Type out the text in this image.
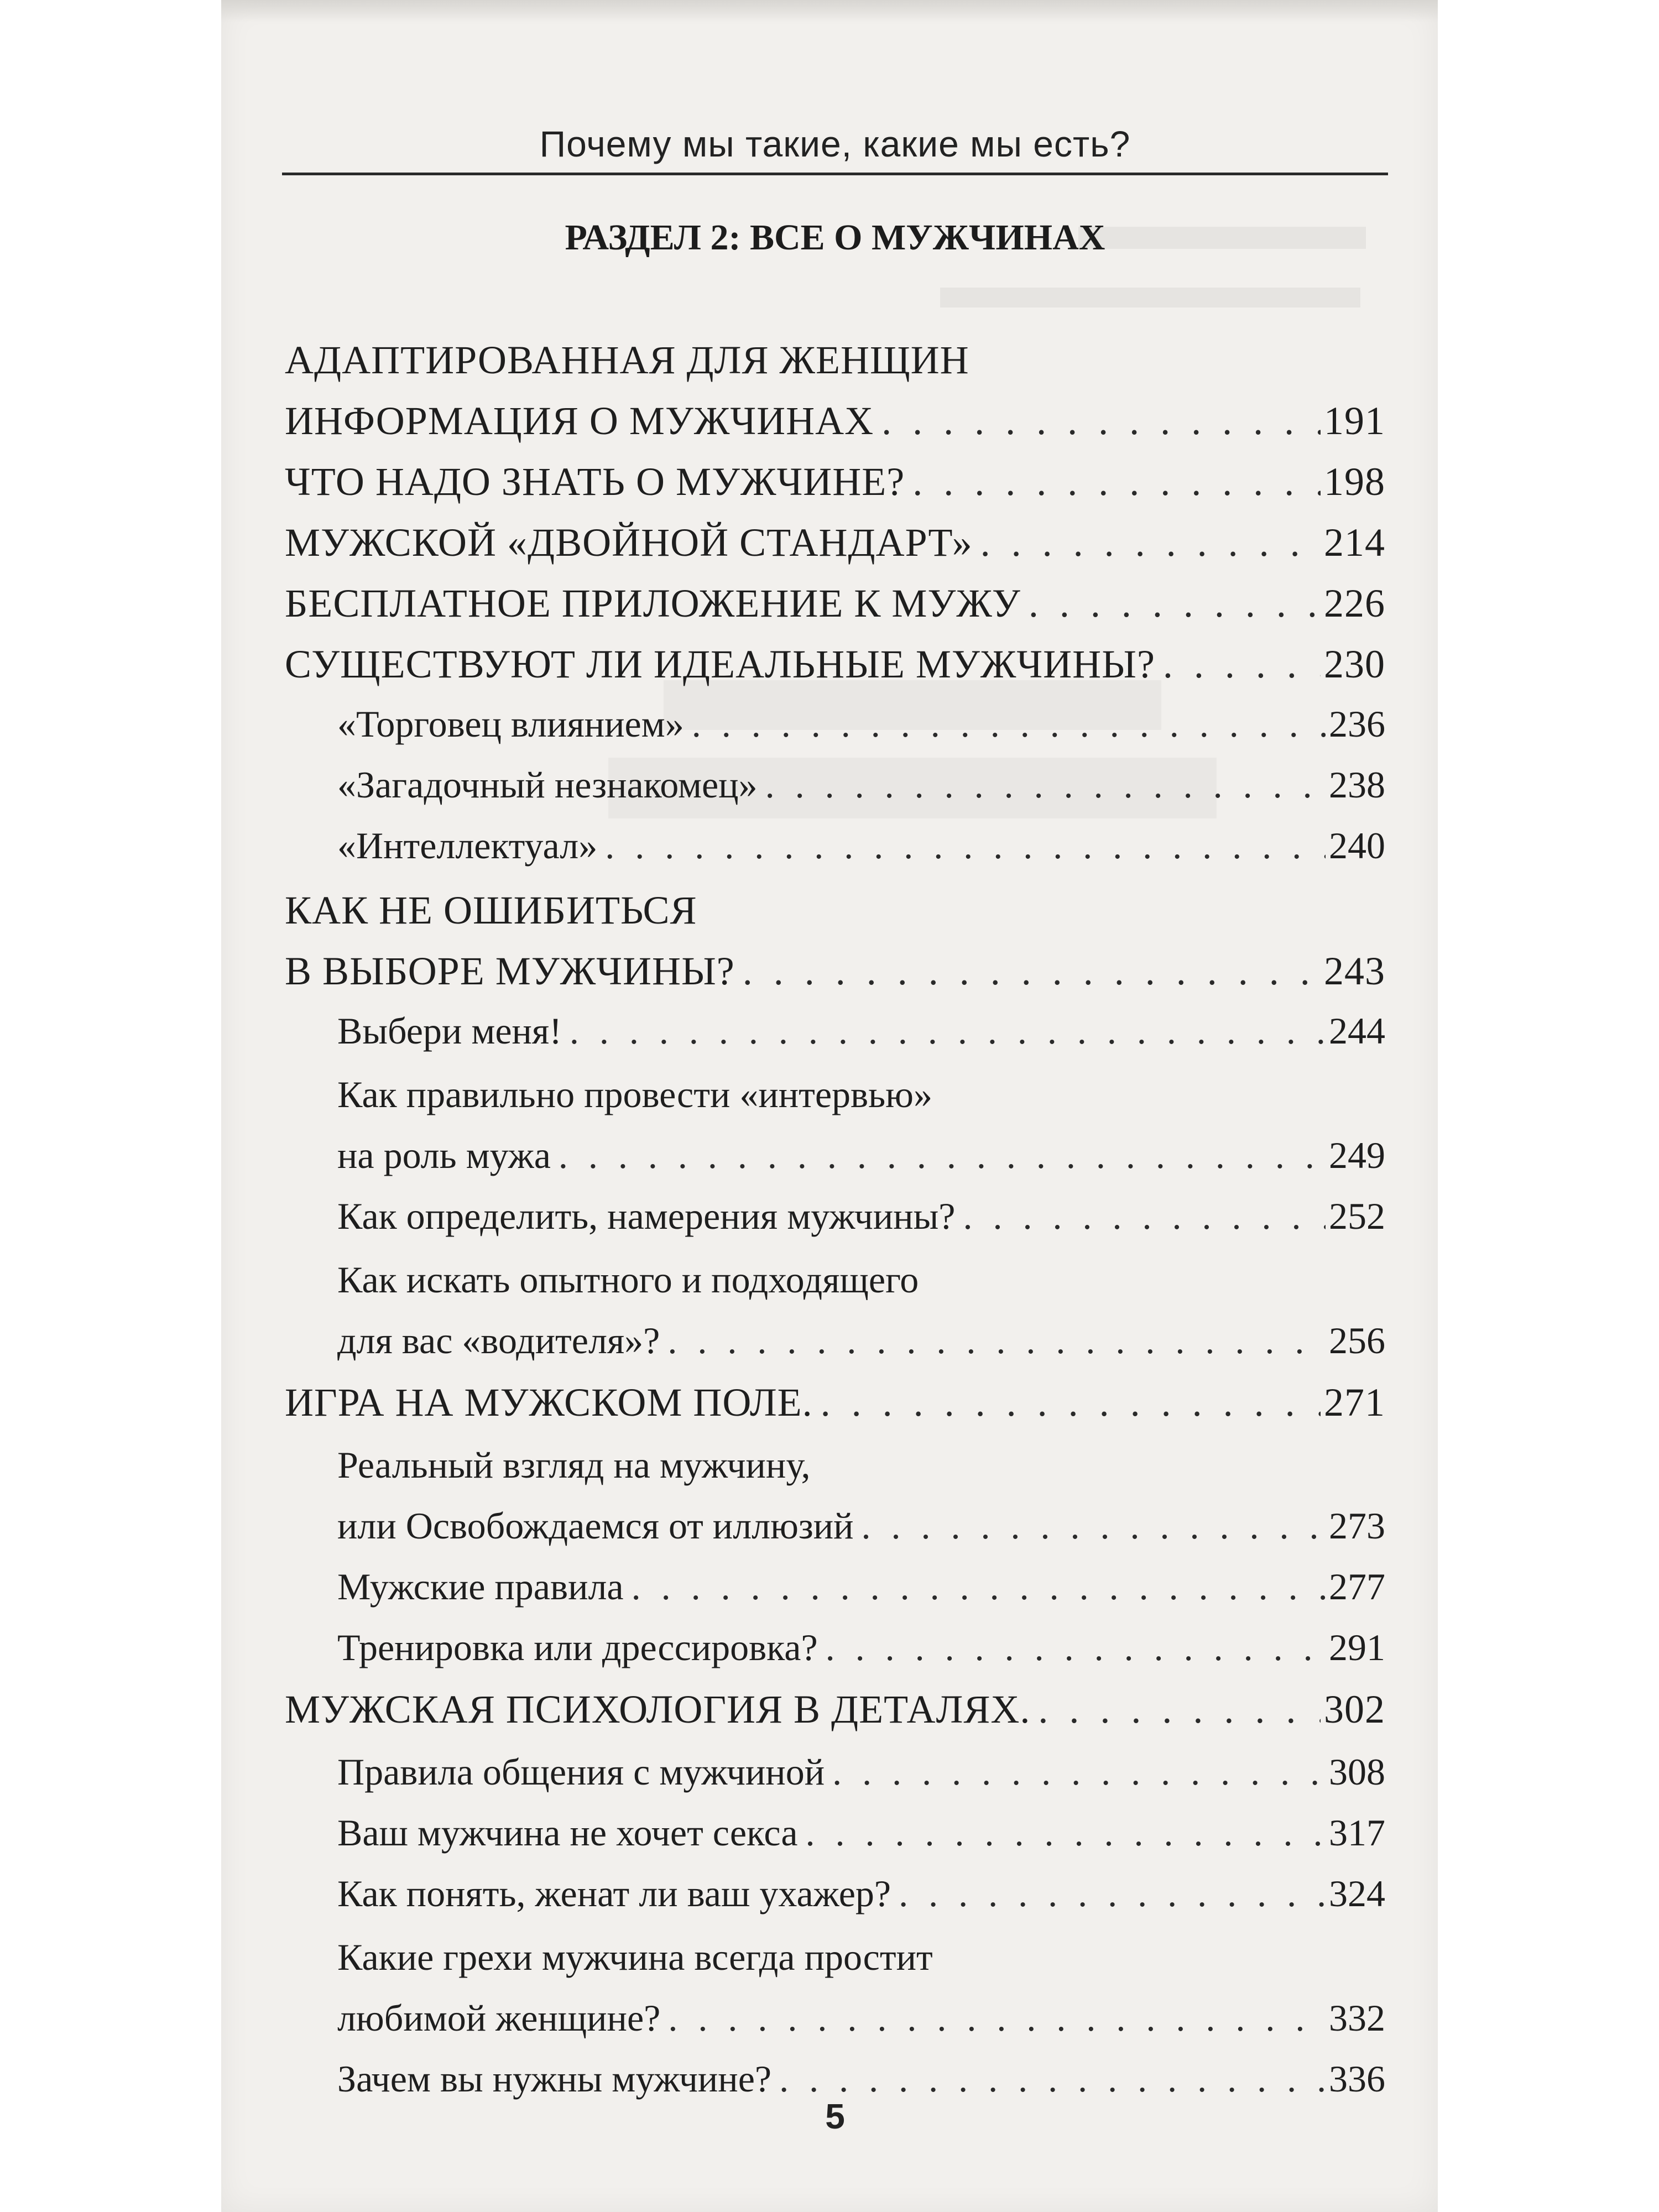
Почему мы такие, какие мы есть?
РАЗДЕЛ 2: ВСЕ О МУЖЧИНАХ
АДАПТИРОВАННАЯ ДЛЯ ЖЕНЩИН
ИНФОРМАЦИЯ О МУЖЧИНАХ . . .	191
ЧТО НАДО ЗНАТЬ О МУЖЧИНЕ? . . .	198
МУЖСКОЙ «ДВОЙНОЙ СТАНДАРТ» . . .	214
БЕСПЛАТНОЕ ПРИЛОЖЕНИЕ К МУЖУ . . .	226
СУЩЕСТВУЮТ ЛИ ИДЕАЛЬНЫЕ МУЖЧИНЫ? . . .	230
«Торговец влиянием» . . .	236
«Загадочный незнакомец» . . .	238
«Интеллектуал» . . .	240
КАК НЕ ОШИБИТЬСЯ
В ВЫБОРЕ МУЖЧИНЫ? . . .	243
Выбери меня! . . .	244
Как правильно провести «интервью»
на роль мужа . . .	249
Как определить, намерения мужчины? . . .	252
Как искать опытного и подходящего
для вас «водителя»? . . .	256
ИГРА НА МУЖСКОМ ПОЛЕ. . . .	271
Реальный взгляд на мужчину,
или Освобождаемся от иллюзий . . .	273
Мужские правила . . .	277
Тренировка или дрессировка? . . .	291
МУЖСКАЯ ПСИХОЛОГИЯ В ДЕТАЛЯХ. . . .	302
Правила общения с мужчиной . . .	308
Ваш мужчина не хочет секса . . .	317
Как понять, женат ли ваш ухажер? . . .	324
Какие грехи мужчина всегда простит
любимой женщине? . . .	332
Зачем вы нужны мужчине? . . .	336
5
